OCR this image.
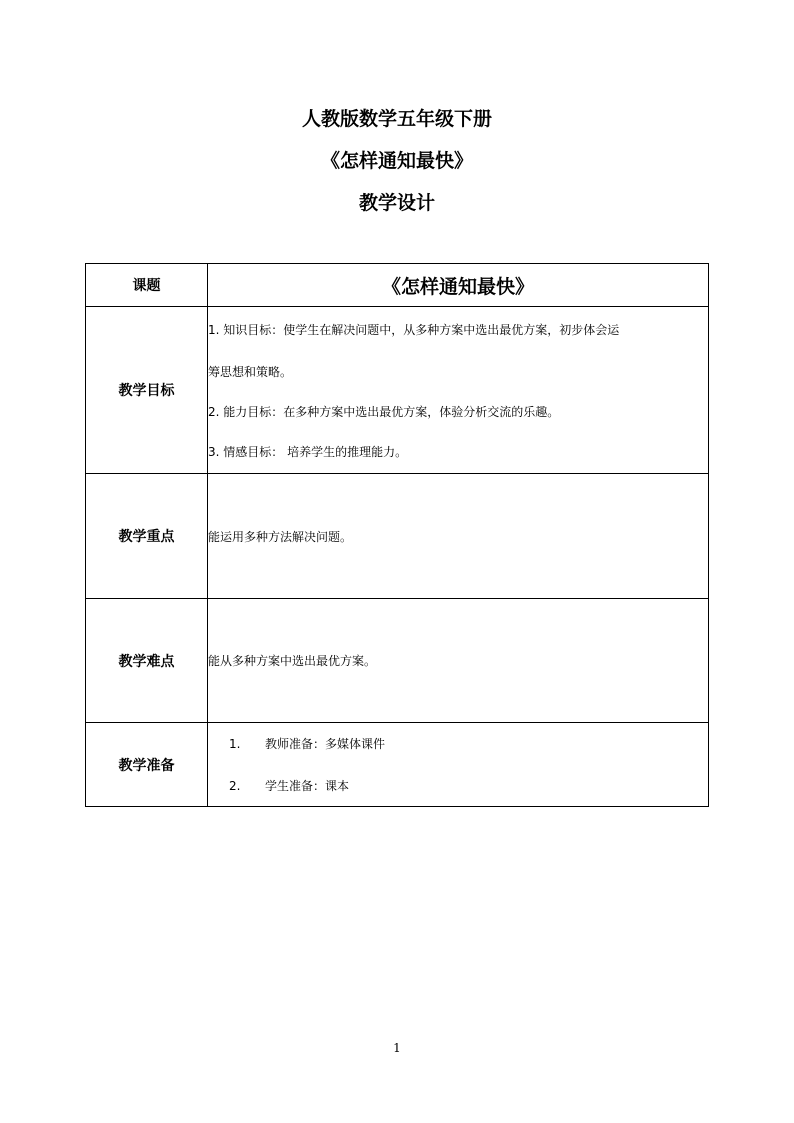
人教版数学五年级下册
《怎样通知最快》
教学设计
课题	《怎样通知最快》

教学目标	1. 知识目标：使学生在解决问题中，从多种方案中选出最优方案，初步体会运
筹思想和策略。
2. 能力目标：在多种方案中选出最优方案，体验分析交流的乐趣。
3. 情感目标： 培养学生的推理能力。

教学重点	能运用多种方法解决问题。
教学难点	能从多种方案中选出最优方案。
教学准备	1. 教师准备：多媒体课件
2. 学生准备：课本
1
